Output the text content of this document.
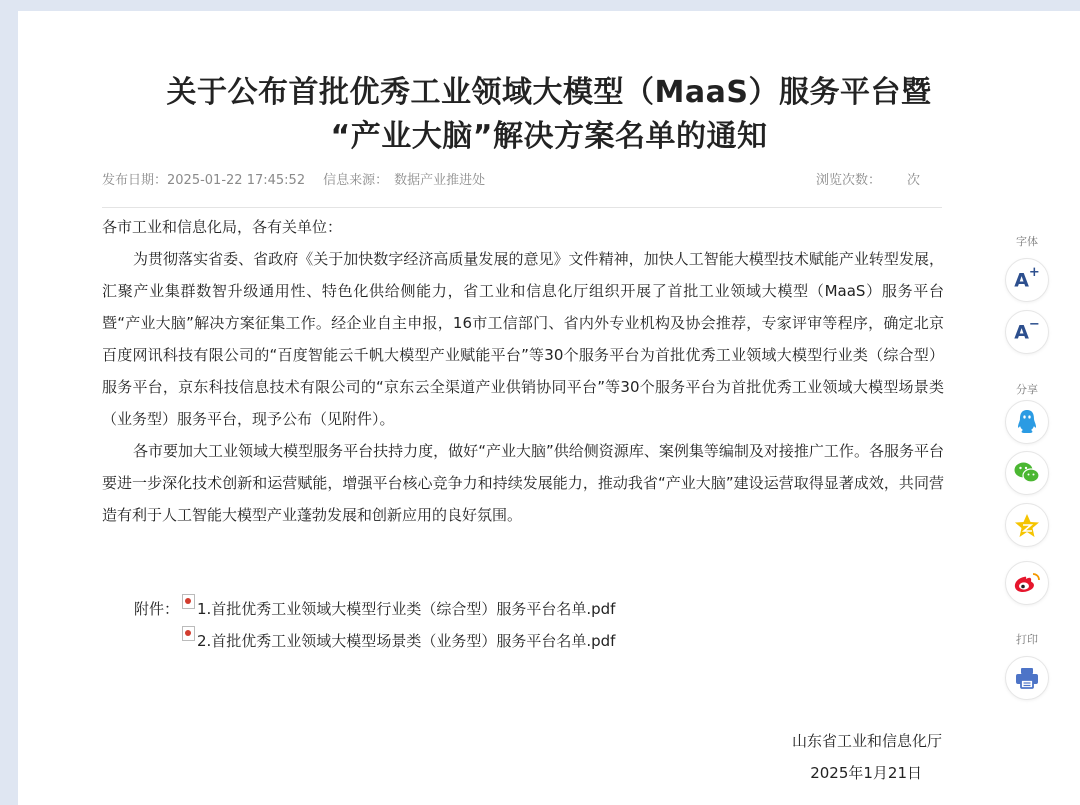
关于公布首批优秀工业领域大模型（MaaS）服务平台暨
“产业大脑”解决方案名单的通知
发布日期：2025-01-22 17:45:52 信息来源： 数据产业推进处	浏览次数： 次

各市工业和信息化局，各有关单位：

为贯彻落实省委、省政府《关于加快数字经济高质量发展的意见》文件精神，加快人工智能大模型技术赋能产业转型发展，汇聚产业集群数智升级通用性、特色化供给侧能力，省工业和信息化厅组织开展了首批工业领域大模型（MaaS）服务平台暨“产业大脑”解决方案征集工作。经企业自主申报，16市工信部门、省内外专业机构及协会推荐，专家评审等程序，确定北京百度网讯科技有限公司的“百度智能云千帆大模型产业赋能平台”等30个服务平台为首批优秀工业领域大模型行业类（综合型）服务平台，京东科技信息技术有限公司的“京东云全渠道产业供销协同平台”等30个服务平台为首批优秀工业领域大模型场景类（业务型）服务平台，现予公布（见附件）。

各市要加大工业领域大模型服务平台扶持力度，做好“产业大脑”供给侧资源库、案例集等编制及对接推广工作。各服务平台要进一步深化技术创新和运营赋能，增强平台核心竞争力和持续发展能力，推动我省“产业大脑”建设运营取得显著成效，共同营造有利于人工智能大模型产业蓬勃发展和创新应用的良好氛围。

附件： 1.首批优秀工业领域大模型行业类（综合型）服务平台名单.pdf
2.首批优秀工业领域大模型场景类（业务型）服务平台名单.pdf
山东省工业和信息化厅
2025年1月21日
字体
A+
A−
分享
打印
